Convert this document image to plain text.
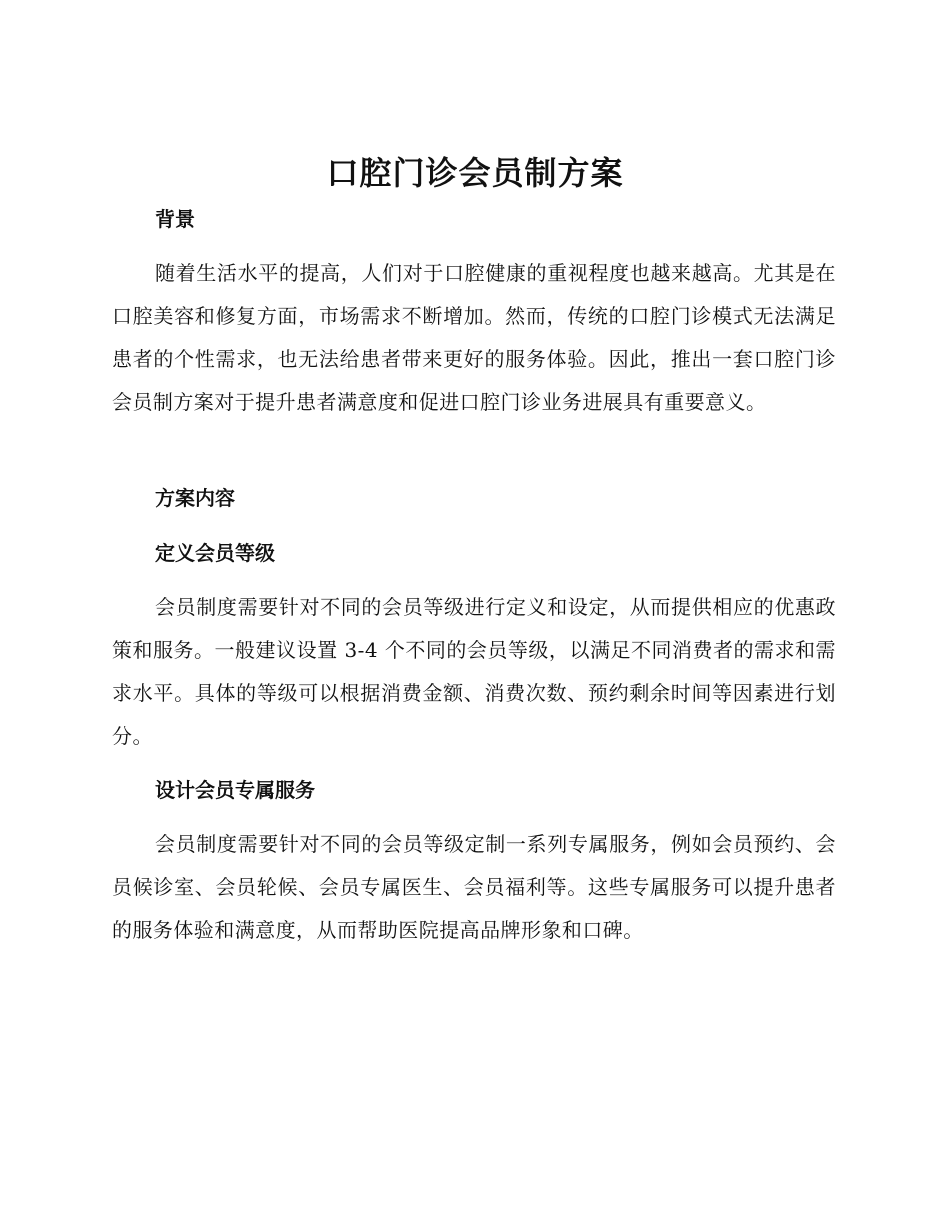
口腔门诊会员制方案
背景
随着生活水平的提高，人们对于口腔健康的重视程度也越来越高。尤其是在口腔美容和修复方面，市场需求不断增加。然而，传统的口腔门诊模式无法满足患者的个性需求，也无法给患者带来更好的服务体验。因此，推出一套口腔门诊会员制方案对于提升患者满意度和促进口腔门诊业务进展具有重要意义。
方案内容
定义会员等级
会员制度需要针对不同的会员等级进行定义和设定，从而提供相应的优惠政策和服务。一般建议设置 3-4 个不同的会员等级，以满足不同消费者的需求和需求水平。具体的等级可以根据消费金额、消费次数、预约剩余时间等因素进行划分。
设计会员专属服务
会员制度需要针对不同的会员等级定制一系列专属服务，例如会员预约、会员候诊室、会员轮候、会员专属医生、会员福利等。这些专属服务可以提升患者的服务体验和满意度，从而帮助医院提高品牌形象和口碑。
